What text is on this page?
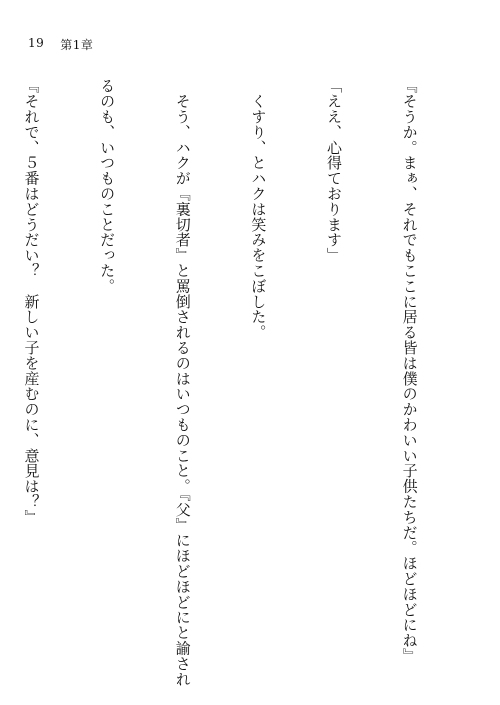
19 第1章

『そうか。まぁ、それでもここに居る皆は僕のかわいい子供たちだ。ほどほどにね』

「ええ、心得ております」

　くすり、とハクは笑みをこぼした。

　そう、ハクが『裏切者』と罵倒されるのはいつものこと。『父』にほどほどにと諭され

るのも、いつものことだった。

『それで、５番はどうだい？　新しい子を産むのに、意見は？』
